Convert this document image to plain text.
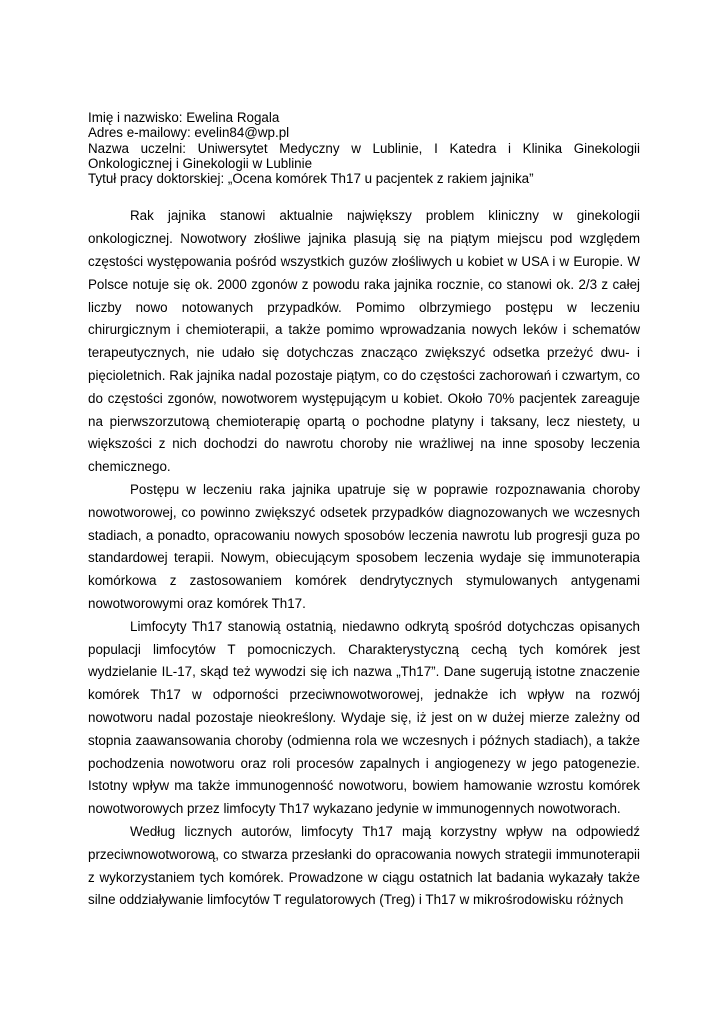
Imię i nazwisko: Ewelina Rogala
Adres e-mailowy: evelin84@wp.pl
Nazwa uczelni: Uniwersytet Medyczny w Lublinie, I Katedra i Klinika Ginekologii
Onkologicznej i Ginekologii w Lublinie
Tytuł pracy doktorskiej: „Ocena komórek Th17 u pacjentek z rakiem jajnika”

Rak jajnika stanowi aktualnie największy problem kliniczny w ginekologii onkologicznej. Nowotwory złośliwe jajnika plasują się na piątym miejscu pod względem częstości występowania pośród wszystkich guzów złośliwych u kobiet w USA i w Europie. W Polsce notuje się ok. 2000 zgonów z powodu raka jajnika rocznie, co stanowi ok. 2/3 z całej liczby nowo notowanych przypadków. Pomimo olbrzymiego postępu w leczeniu chirurgicznym i chemioterapii, a także pomimo wprowadzania nowych leków i schematów terapeutycznych, nie udało się dotychczas znacząco zwiększyć odsetka przeżyć dwu- i pięcioletnich. Rak jajnika nadal pozostaje piątym, co do częstości zachorowań i czwartym, co do częstości zgonów, nowotworem występującym u kobiet. Około 70% pacjentek zareaguje na pierwszorzutową chemioterapię opartą o pochodne platyny i taksany, lecz niestety, u większości z nich dochodzi do nawrotu choroby nie wrażliwej na inne sposoby leczenia chemicznego.

Postępu w leczeniu raka jajnika upatruje się w poprawie rozpoznawania choroby nowotworowej, co powinno zwiększyć odsetek przypadków diagnozowanych we wczesnych stadiach, a ponadto, opracowaniu nowych sposobów leczenia nawrotu lub progresji guza po standardowej terapii. Nowym, obiecującym sposobem leczenia wydaje się immunoterapia komórkowa z zastosowaniem komórek dendrytycznych stymulowanych antygenami nowotworowymi oraz komórek Th17.

Limfocyty Th17 stanowią ostatnią, niedawno odkrytą spośród dotychczas opisanych populacji limfocytów T pomocniczych. Charakterystyczną cechą tych komórek jest wydzielanie IL-17, skąd też wywodzi się ich nazwa „Th17”. Dane sugerują istotne znaczenie komórek Th17 w odporności przeciwnowotworowej, jednakże ich wpływ na rozwój nowotworu nadal pozostaje nieokreślony. Wydaje się, iż jest on w dużej mierze zależny od stopnia zaawansowania choroby (odmienna rola we wczesnych i późnych stadiach), a także pochodzenia nowotworu oraz roli procesów zapalnych i angiogenezy w jego patogenezie. Istotny wpływ ma także immunogenność nowotworu, bowiem hamowanie wzrostu komórek nowotworowych przez limfocyty Th17 wykazano jedynie w immunogennych nowotworach.

Według licznych autorów, limfocyty Th17 mają korzystny wpływ na odpowiedź przeciwnowotworową, co stwarza przesłanki do opracowania nowych strategii immunoterapii z wykorzystaniem tych komórek. Prowadzone w ciągu ostatnich lat badania wykazały także silne oddziaływanie limfocytów T regulatorowych (Treg) i Th17 w mikrośrodowisku różnych
